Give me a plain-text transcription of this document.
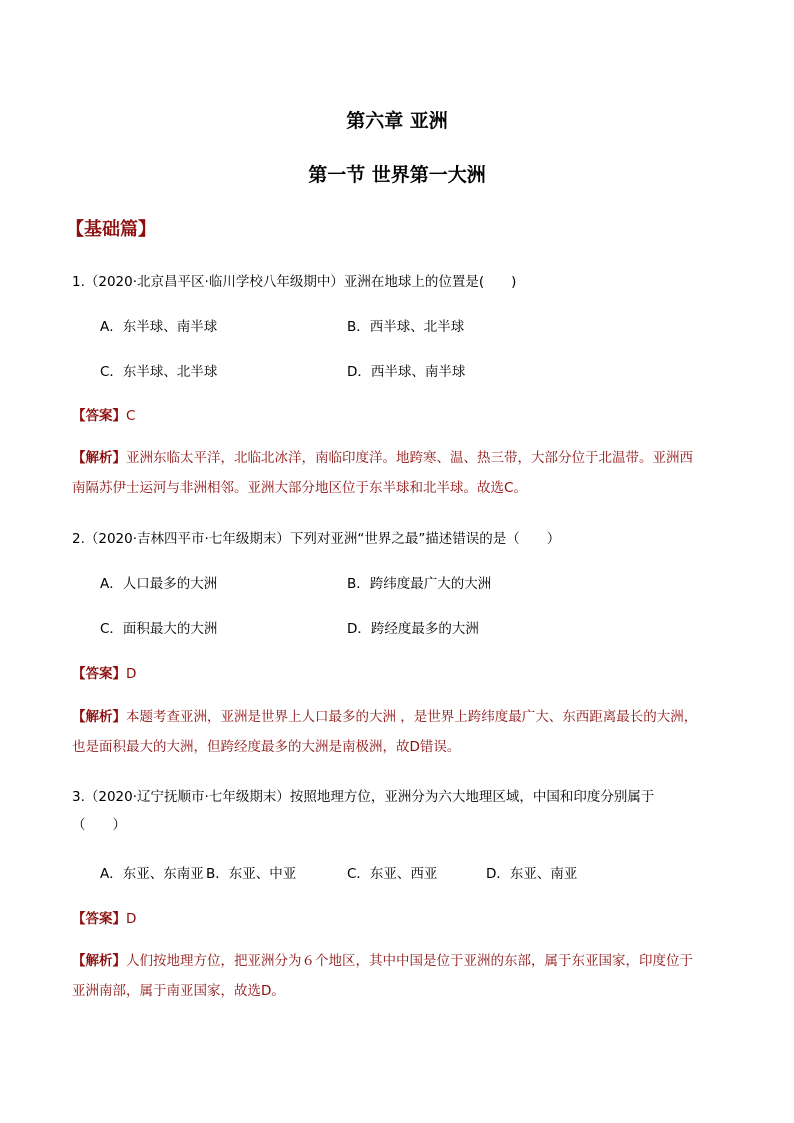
第六章 亚洲
第一节 世界第一大洲
【基础篇】
1.（2020·北京昌平区·临川学校八年级期中）亚洲在地球上的位置是(　　)
A．东半球、南半球	B．西半球、北半球
C．东半球、北半球	D．西半球、南半球
【答案】C
【解析】亚洲东临太平洋，北临北冰洋，南临印度洋。地跨寒、温、热三带，大部分位于北温带。亚洲西
南隔苏伊士运河与非洲相邻。亚洲大部分地区位于东半球和北半球。故选C。
2.（2020·吉林四平市·七年级期末）下列对亚洲“世界之最”描述错误的是（　　）
A．人口最多的大洲	B．跨纬度最广大的大洲
C．面积最大的大洲	D．跨经度最多的大洲
【答案】D
【解析】本题考查亚洲，亚洲是世界上人口最多的大洲 ，是世界上跨纬度最广大、东西距离最长的大洲，
也是面积最大的大洲，但跨经度最多的大洲是南极洲，故D错误。
3.（2020·辽宁抚顺市·七年级期末）按照地理方位，亚洲分为六大地理区域，中国和印度分别属于
（　　）
A．东亚、东南亚 B．东亚、中亚	C．东亚、西亚	D．东亚、南亚
【答案】D
【解析】人们按地理方位，把亚洲分为６个地区，其中中国是位于亚洲的东部，属于东亚国家，印度位于
亚洲南部，属于南亚国家，故选D。
